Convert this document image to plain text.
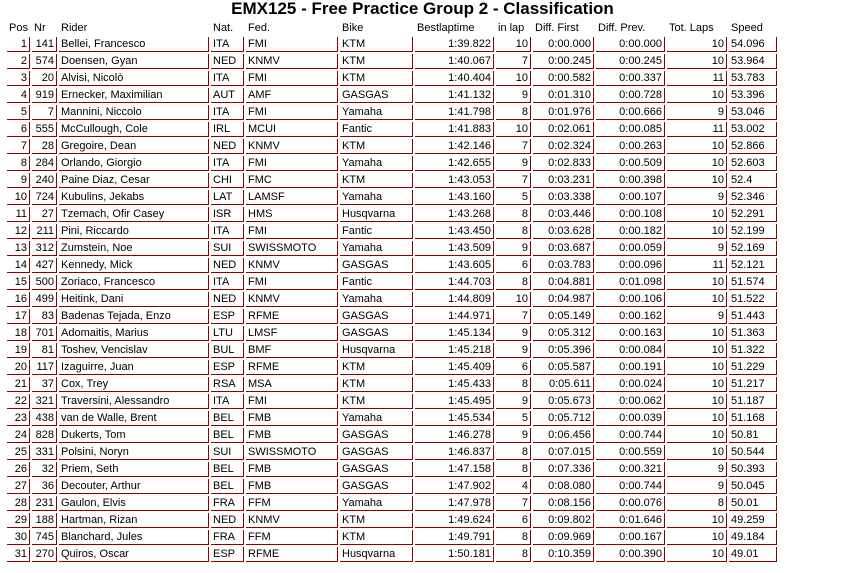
EMX125 - Free Practice Group 2 - Classification
Pos	Nr	Rider	Nat.	Fed.	Bike	Bestlaptime	in lap	Diff. First	Diff. Prev.	Tot. Laps	Speed
1	141	Bellei, Francesco	ITA	FMI	KTM	1:39.822	10	0:00.000	0:00.000	10	54.096
2	574	Doensen, Gyan	NED	KNMV	KTM	1:40.067	7	0:00.245	0:00.245	10	53.964
3	20	Alvisi, Nicolò	ITA	FMI	KTM	1:40.404	10	0:00.582	0:00.337	11	53.783
4	919	Ernecker, Maximilian	AUT	AMF	GASGAS	1:41.132	9	0:01.310	0:00.728	10	53.396
5	7	Mannini, Niccolo	ITA	FMI	Yamaha	1:41.798	8	0:01.976	0:00.666	9	53.046
6	555	McCullough, Cole	IRL	MCUI	Fantic	1:41.883	10	0:02.061	0:00.085	11	53.002
7	28	Gregoire, Dean	NED	KNMV	KTM	1:42.146	7	0:02.324	0:00.263	10	52.866
8	284	Orlando, Giorgio	ITA	FMI	Yamaha	1:42.655	9	0:02.833	0:00.509	10	52.603
9	240	Paine Diaz, Cesar	CHI	FMC	KTM	1:43.053	7	0:03.231	0:00.398	10	52.4
10	724	Kubulins, Jekabs	LAT	LAMSF	Yamaha	1:43.160	5	0:03.338	0:00.107	9	52.346
11	27	Tzemach, Ofir Casey	ISR	HMS	Husqvarna	1:43.268	8	0:03.446	0:00.108	10	52.291
12	211	Pini, Riccardo	ITA	FMI	Fantic	1:43.450	8	0:03.628	0:00.182	10	52.199
13	312	Zumstein, Noe	SUI	SWISSMOTO	Yamaha	1:43.509	9	0:03.687	0:00.059	9	52.169
14	427	Kennedy, Mick	NED	KNMV	GASGAS	1:43.605	6	0:03.783	0:00.096	11	52.121
15	500	Zoriaco, Francesco	ITA	FMI	Fantic	1:44.703	8	0:04.881	0:01.098	10	51.574
16	499	Heitink, Dani	NED	KNMV	Yamaha	1:44.809	10	0:04.987	0:00.106	10	51.522
17	83	Badenas Tejada, Enzo	ESP	RFME	GASGAS	1:44.971	7	0:05.149	0:00.162	9	51.443
18	701	Adomaitis, Marius	LTU	LMSF	GASGAS	1:45.134	9	0:05.312	0:00.163	10	51.363
19	81	Toshev, Vencislav	BUL	BMF	Husqvarna	1:45.218	9	0:05.396	0:00.084	10	51.322
20	117	Izaguirre, Juan	ESP	RFME	KTM	1:45.409	6	0:05.587	0:00.191	10	51.229
21	37	Cox, Trey	RSA	MSA	KTM	1:45.433	8	0:05.611	0:00.024	10	51.217
22	321	Traversini, Alessandro	ITA	FMI	KTM	1:45.495	9	0:05.673	0:00.062	10	51.187
23	438	van de Walle, Brent	BEL	FMB	Yamaha	1:45.534	5	0:05.712	0:00.039	10	51.168
24	828	Dukerts, Tom	BEL	FMB	GASGAS	1:46.278	9	0:06.456	0:00.744	10	50.81
25	331	Polsini, Noryn	SUI	SWISSMOTO	GASGAS	1:46.837	8	0:07.015	0:00.559	10	50.544
26	32	Priem, Seth	BEL	FMB	GASGAS	1:47.158	8	0:07.336	0:00.321	9	50.393
27	36	Decouter, Arthur	BEL	FMB	GASGAS	1:47.902	4	0:08.080	0:00.744	9	50.045
28	231	Gaulon, Elvis	FRA	FFM	Yamaha	1:47.978	7	0:08.156	0:00.076	8	50.01
29	188	Hartman, Rizan	NED	KNMV	KTM	1:49.624	6	0:09.802	0:01.646	10	49.259
30	745	Blanchard, Jules	FRA	FFM	KTM	1:49.791	8	0:09.969	0:00.167	10	49.184
31	270	Quiros, Oscar	ESP	RFME	Husqvarna	1:50.181	8	0:10.359	0:00.390	10	49.01
